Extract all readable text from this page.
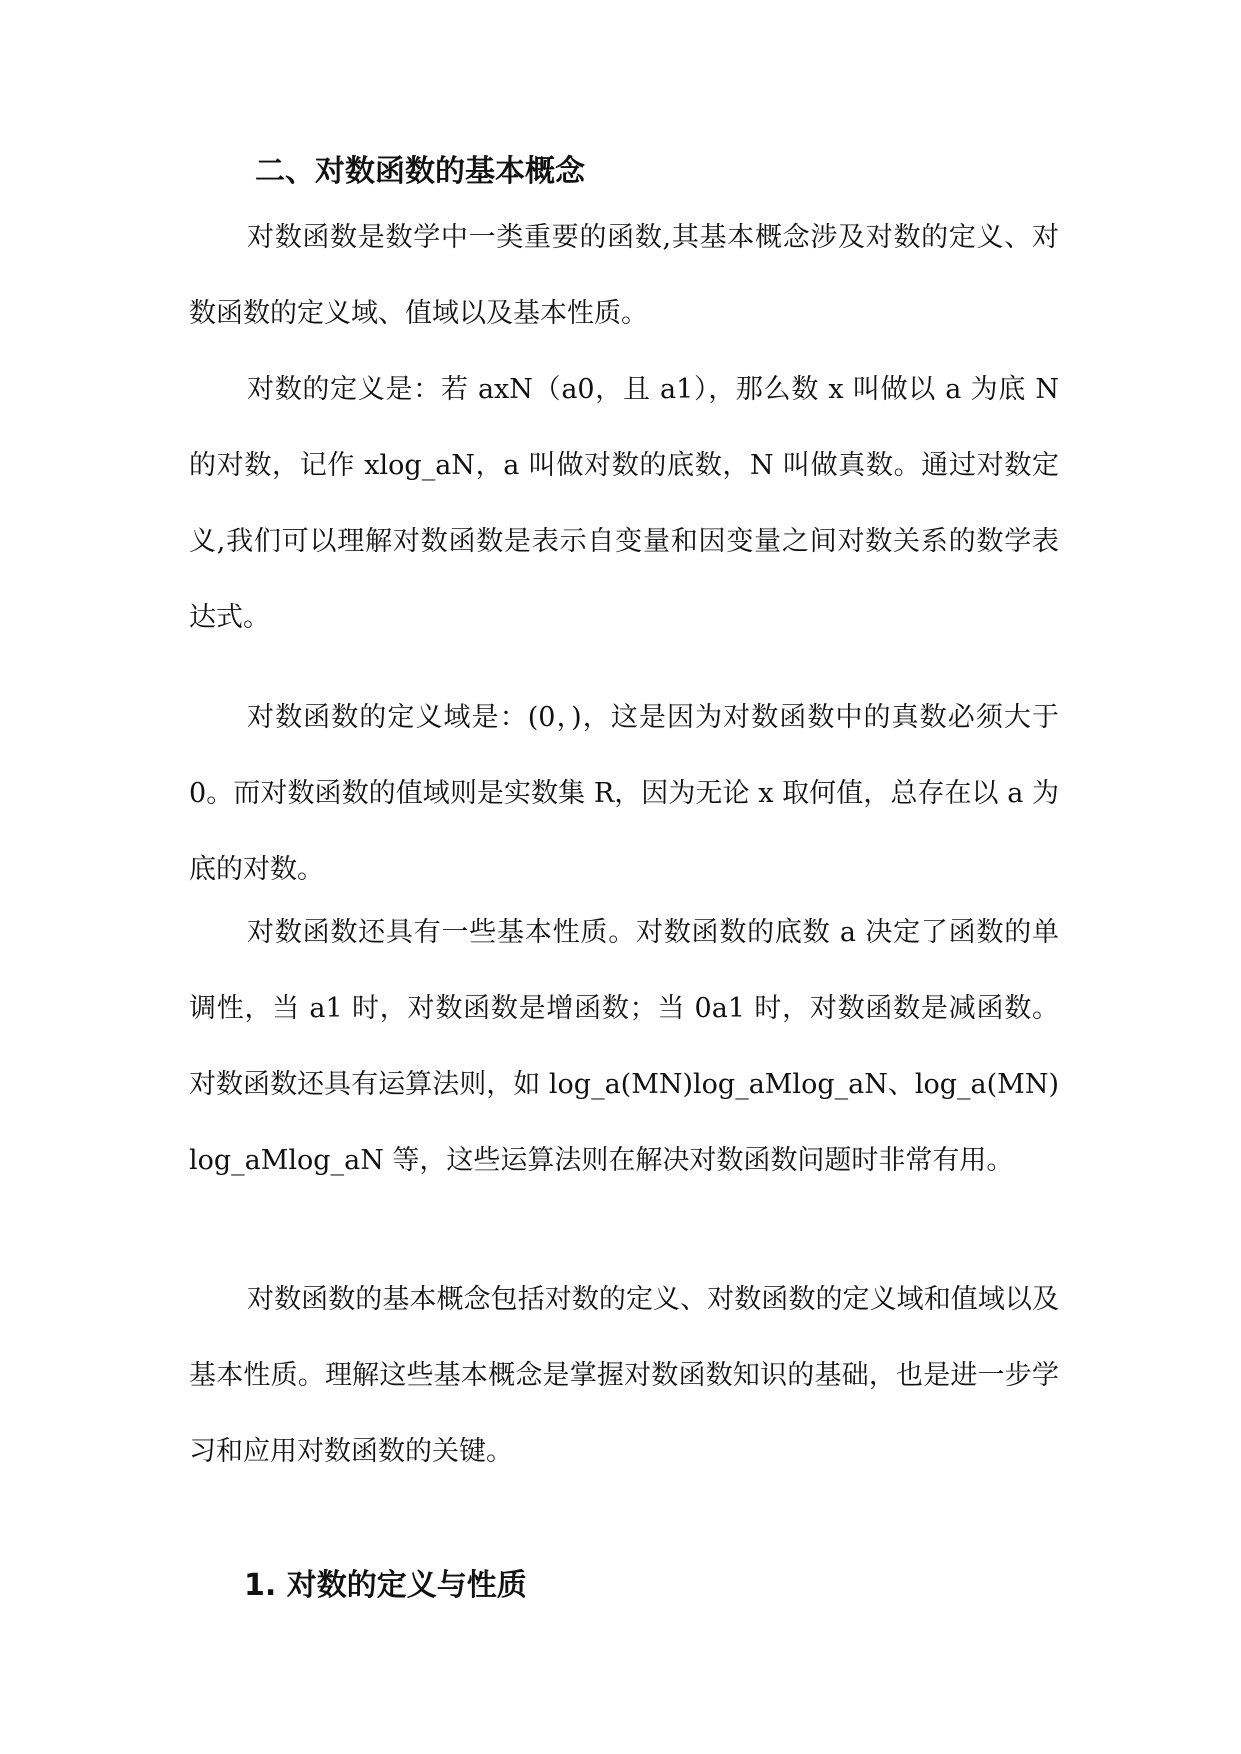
二、对数函数的基本概念

对数函数是数学中一类重要的函数,其基本概念涉及对数的定义、对数函数的定义域、值域以及基本性质。

对数的定义是：若 axN（a0，且 a1），那么数 x 叫做以 a 为底 N 的对数，记作 xlog_aN，a 叫做对数的底数，N 叫做真数。通过对数定义,我们可以理解对数函数是表示自变量和因变量之间对数关系的数学表达式。

对数函数的定义域是：(0，)，这是因为对数函数中的真数必须大于 0。而对数函数的值域则是实数集 R，因为无论 x 取何值，总存在以 a 为底的对数。

对数函数还具有一些基本性质。对数函数的底数 a 决定了函数的单调性，当 a1 时，对数函数是增函数；当 0a1 时，对数函数是减函数。对数函数还具有运算法则，如 log_a(MN)log_aMlog_aN、log_a(MN)log_aMlog_aN 等，这些运算法则在解决对数函数问题时非常有用。

对数函数的基本概念包括对数的定义、对数函数的定义域和值域以及基本性质。理解这些基本概念是掌握对数函数知识的基础，也是进一步学习和应用对数函数的关键。

1. 对数的定义与性质
